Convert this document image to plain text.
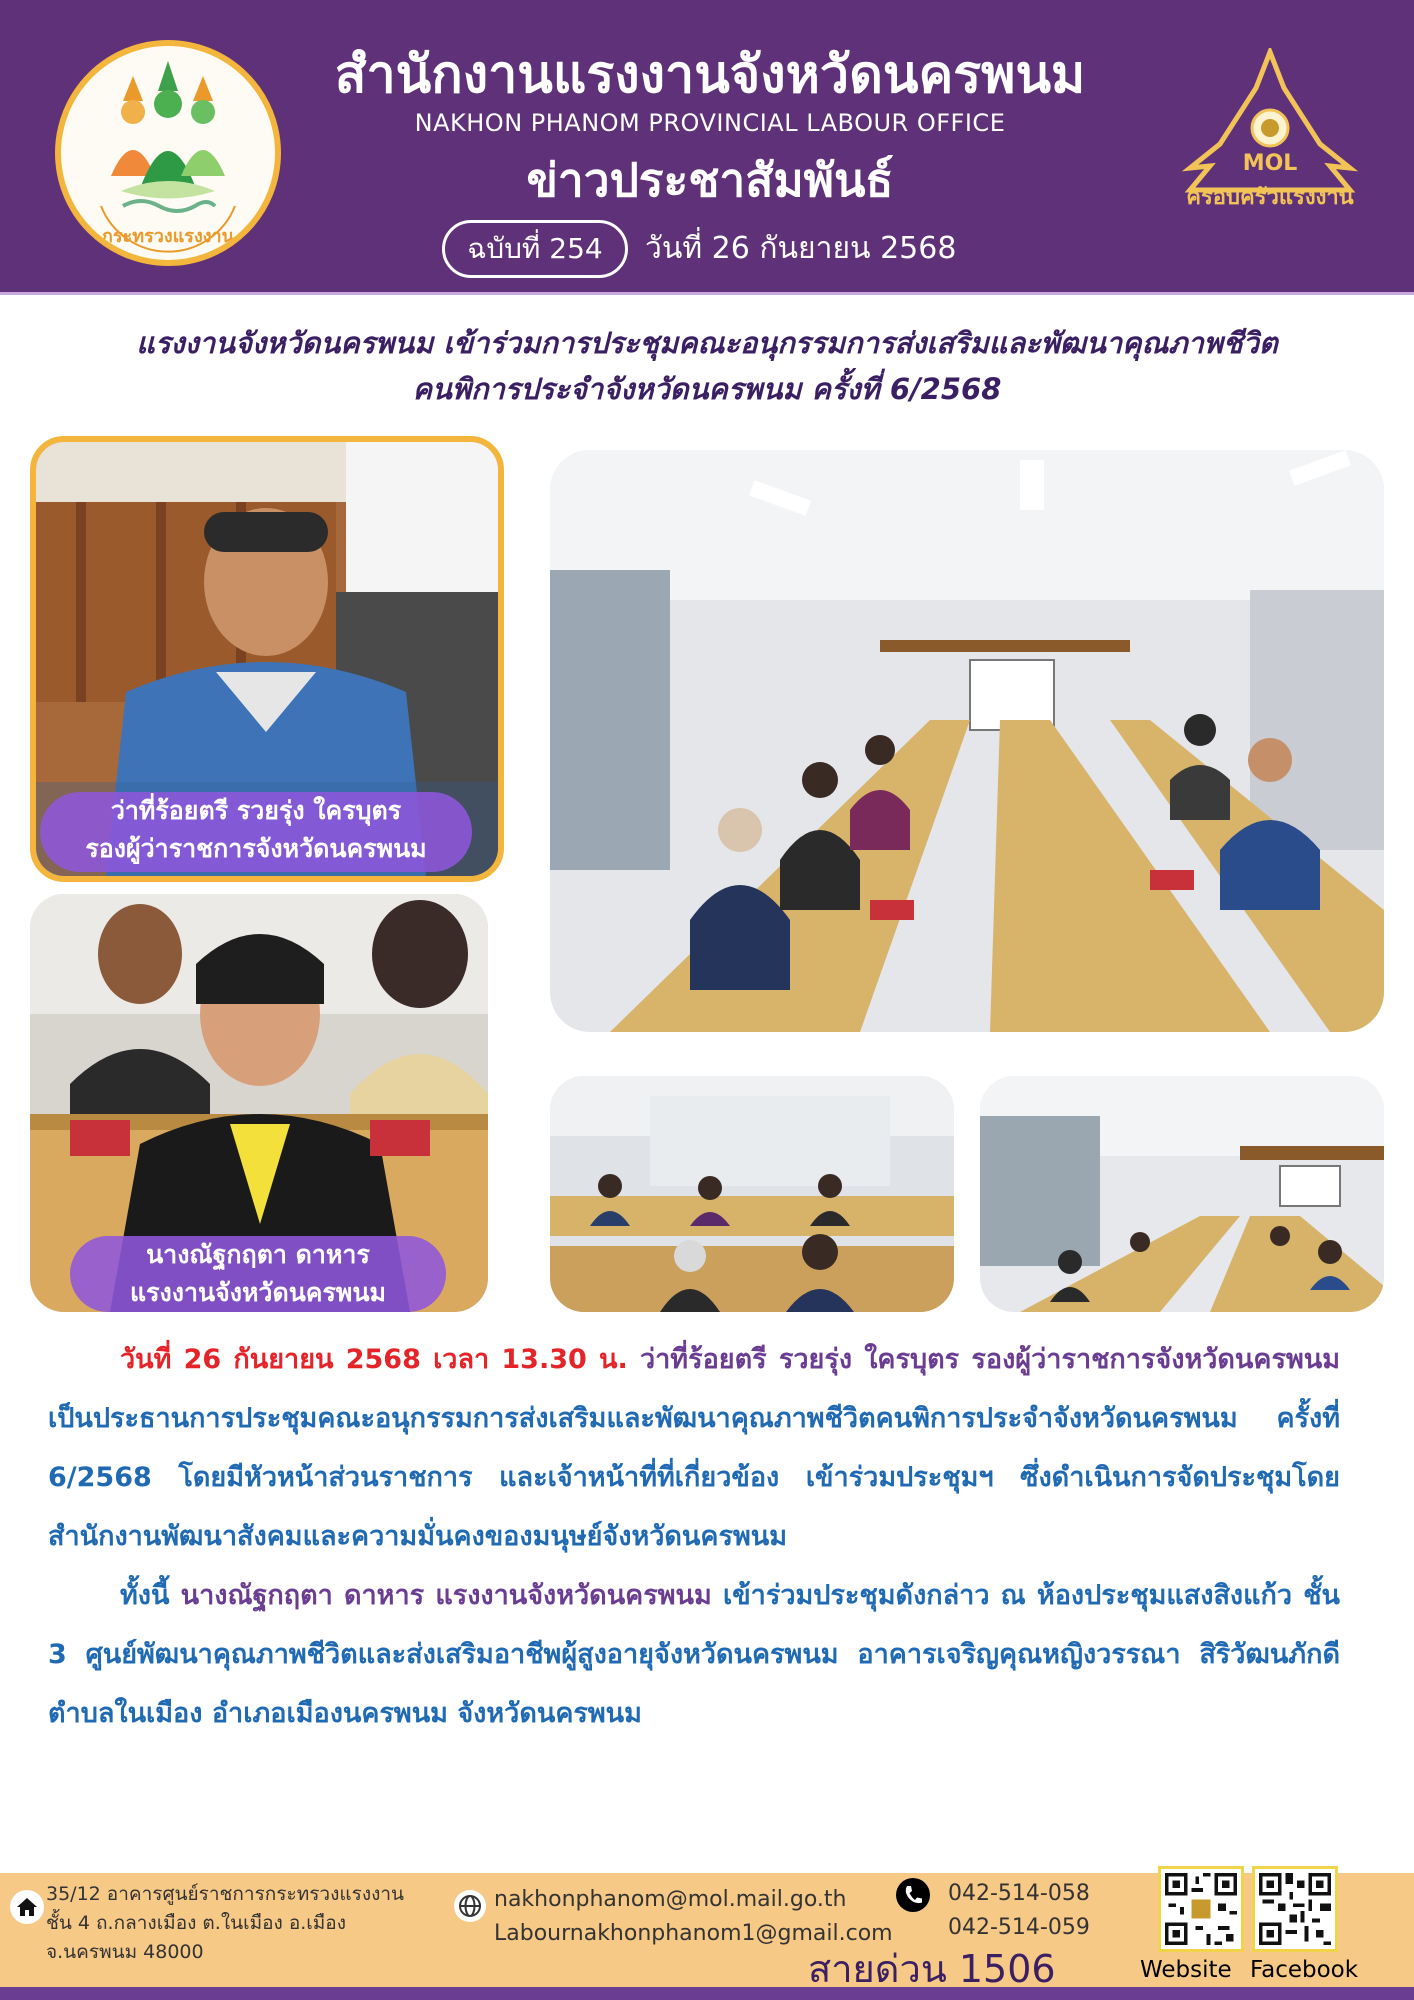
กระทรวงแรงงาน
สำนักงานแรงงานจังหวัดนครพนม
NAKHON PHANOM PROVINCIAL LABOUR OFFICE
ข่าวประชาสัมพันธ์
ฉบับที่ 254	วันที่ 26 กันยายน 2568
MOL
ครอบครัวแรงงาน
แรงงานจังหวัดนครพนม เข้าร่วมการประชุมคณะอนุกรรมการส่งเสริมและพัฒนาคุณภาพชีวิต
คนพิการประจำจังหวัดนครพนม ครั้งที่ 6/2568
ว่าที่ร้อยตรี รวยรุ่ง ใครบุตร
รองผู้ว่าราชการจังหวัดนครพนม
นางณัฐกฤตา ดาหาร
แรงงานจังหวัดนครพนม

วันที่ 26 กันยายน 2568 เวลา 13.30 น. ว่าที่ร้อยตรี รวยรุ่ง ใครบุตร รองผู้ว่าราชการจังหวัดนครพนม เป็นประธานการประชุมคณะอนุกรรมการส่งเสริมและพัฒนาคุณภาพชีวิตคนพิการประจำจังหวัดนครพนม ครั้งที่ 6/2568 โดยมีหัวหน้าส่วนราชการ และเจ้าหน้าที่ที่เกี่ยวข้อง เข้าร่วมประชุมฯ ซึ่งดำเนินการจัดประชุมโดยสำนักงานพัฒนาสังคมและความมั่นคงของมนุษย์จังหวัดนครพนม

ทั้งนี้ นางณัฐกฤตา ดาหาร แรงงานจังหวัดนครพนม เข้าร่วมประชุมดังกล่าว ณ ห้องประชุมแสงสิงแก้ว ชั้น 3 ศูนย์พัฒนาคุณภาพชีวิตและส่งเสริมอาชีพผู้สูงอายุจังหวัดนครพนม อาคารเจริญคุณหญิงวรรณา สิริวัฒนภักดี ตำบลในเมือง อำเภอเมืองนครพนม จังหวัดนครพนม

35/12 อาคารศูนย์ราชการกระทรวงแรงงาน
ชั้น 4 ถ.กลางเมือง ต.ในเมือง อ.เมือง
จ.นครพนม 48000
nakhonphanom@mol.mail.go.th
Labournakhonphanom1@gmail.com
042-514-058
042-514-059
สายด่วน 1506	Website Facebook
